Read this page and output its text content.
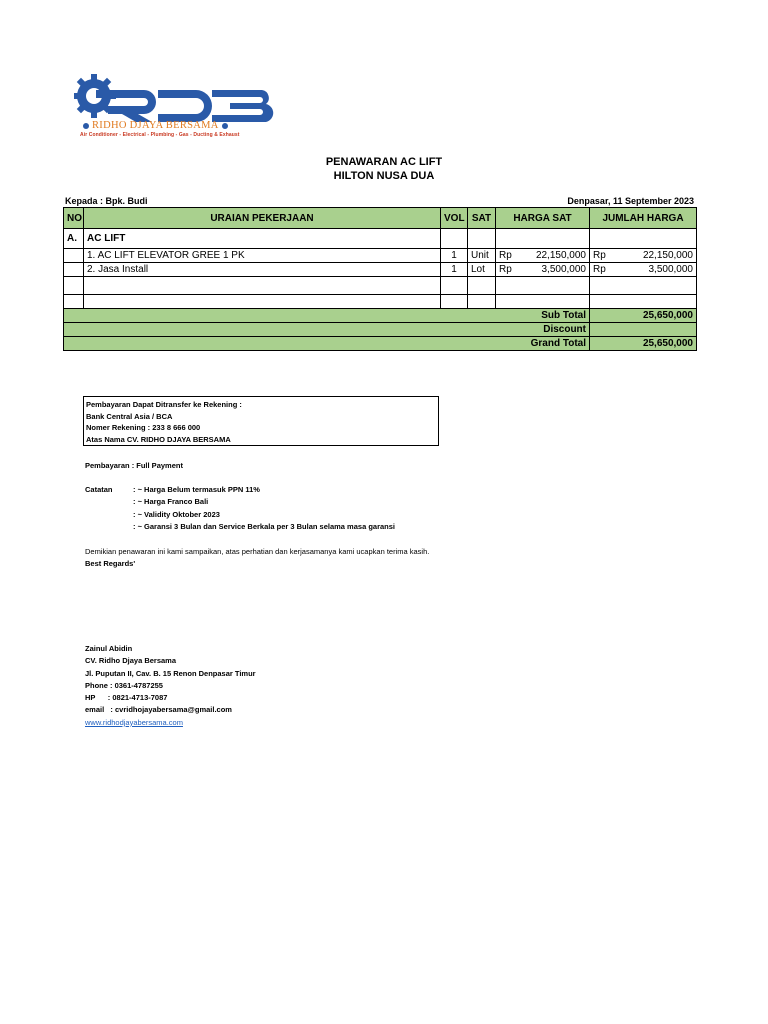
RIDHO DJAYA BERSAMA
Air Conditioner - Electrical - Plumbing - Gas - Ducting & Exhaust
PENAWARAN AC LIFT
HILTON NUSA DUA
Kepada : Bpk. Budi	Denpasar, 11 September 2023
NO	URAIAN PEKERJAAN	VOL	SAT	HARGA SAT	JUMLAH HARGA
A.	AC LIFT				
	1. AC LIFT ELEVATOR GREE 1 PK	1	Unit	Rp 22,150,000	Rp 22,150,000
	2. Jasa Install	1	Lot	Rp 3,500,000	Rp 3,500,000

Sub Total					25,650,000
Discount					
Grand Total					25,650,000
Pembayaran Dapat Ditransfer ke Rekening :
Bank Central Asia / BCA
Nomer Rekening : 233 8 666 000
Atas Nama CV. RIDHO DJAYA BERSAMA
Pembayaran : Full Payment
Catatan	: ~ Harga Belum termasuk PPN 11%
: ~ Harga Franco Bali
: ~ Validity Oktober 2023
: ~ Garansi 3 Bulan dan Service Berkala per 3 Bulan selama masa garansi
Demikian penawaran ini kami sampaikan, atas perhatian dan kerjasamanya kami ucapkan terima kasih.
Best Regards'
Zainul Abidin
CV. Ridho Djaya Bersama
Jl. Puputan II, Cav. B. 15 Renon Denpasar Timur
Phone : 0361-4787255
HP      : 0821-4713-7087
email   : cvridhojayabersama@gmail.com
www.ridhodjayabersama.com
